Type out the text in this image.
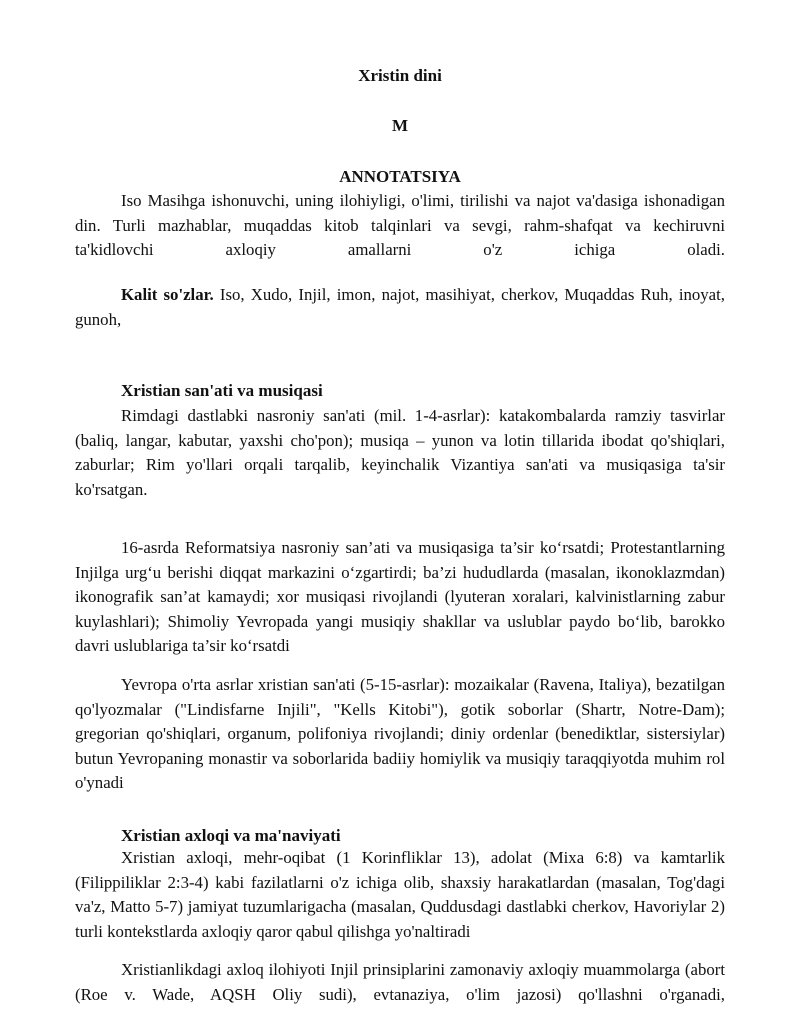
Xristin dini
M
ANNOTATSIYA

Iso Masihga ishonuvchi, uning ilohiyligi, o'limi, tirilishi va najot va'dasiga ishonadigan din. Turli mazhablar, muqaddas kitob talqinlari va sevgi, rahm-shafqat va kechiruvni ta'kidlovchi axloqiy amallarni o'z ichiga oladi.

Kalit so'zlar. Iso, Xudo, Injil, imon, najot, masihiyat, cherkov, Muqaddas Ruh, inoyat, gunoh,

Xristian san'ati va musiqasi

Rimdagi dastlabki nasroniy san'ati (mil. 1-4-asrlar): katakombalarda ramziy tasvirlar (baliq, langar, kabutar, yaxshi cho'pon); musiqa – yunon va lotin tillarida ibodat qo'shiqlari, zaburlar; Rim yo'llari orqali tarqalib, keyinchalik Vizantiya san'ati va musiqasiga ta'sir ko'rsatgan.

16-asrda Reformatsiya nasroniy san’ati va musiqasiga ta’sir ko‘rsatdi; Protestantlarning Injilga urg‘u berishi diqqat markazini o‘zgartirdi; ba’zi hududlarda (masalan, ikonoklazmdan) ikonografik san’at kamaydi; xor musiqasi rivojlandi (lyuteran xoralari, kalvinistlarning zabur kuylashlari); Shimoliy Yevropada yangi musiqiy shakllar va uslublar paydo bo‘lib, barokko davri uslublariga ta’sir ko‘rsatdi

Yevropa o'rta asrlar xristian san'ati (5-15-asrlar): mozaikalar (Ravena, Italiya), bezatilgan qo'lyozmalar ("Lindisfarne Injili", "Kells Kitobi"), gotik soborlar (Shartr, Notre-Dam); gregorian qo'shiqlari, organum, polifoniya rivojlandi; diniy ordenlar (benediktlar, sistersiylar) butun Yevropaning monastir va soborlarida badiiy homiylik va musiqiy taraqqiyotda muhim rol o'ynadi

Xristian axloqi va ma'naviyati

Xristian axloqi, mehr-oqibat (1 Korinfliklar 13), adolat (Mixa 6:8) va kamtarlik (Filippiliklar 2:3-4) kabi fazilatlarni o'z ichiga olib, shaxsiy harakatlardan (masalan, Tog'dagi va'z, Matto 5-7) jamiyat tuzumlarigacha (masalan, Quddusdagi dastlabki cherkov, Havoriylar 2) turli kontekstlarda axloqiy qaror qabul qilishga yo'naltiradi

Xristianlikdagi axloq ilohiyoti Injil prinsiplarini zamonaviy axloqiy muammolarga (abort (Roe v. Wade, AQSH Oliy sudi), evtanaziya, o'lim jazosi) qo'llashni o'rganadi,
